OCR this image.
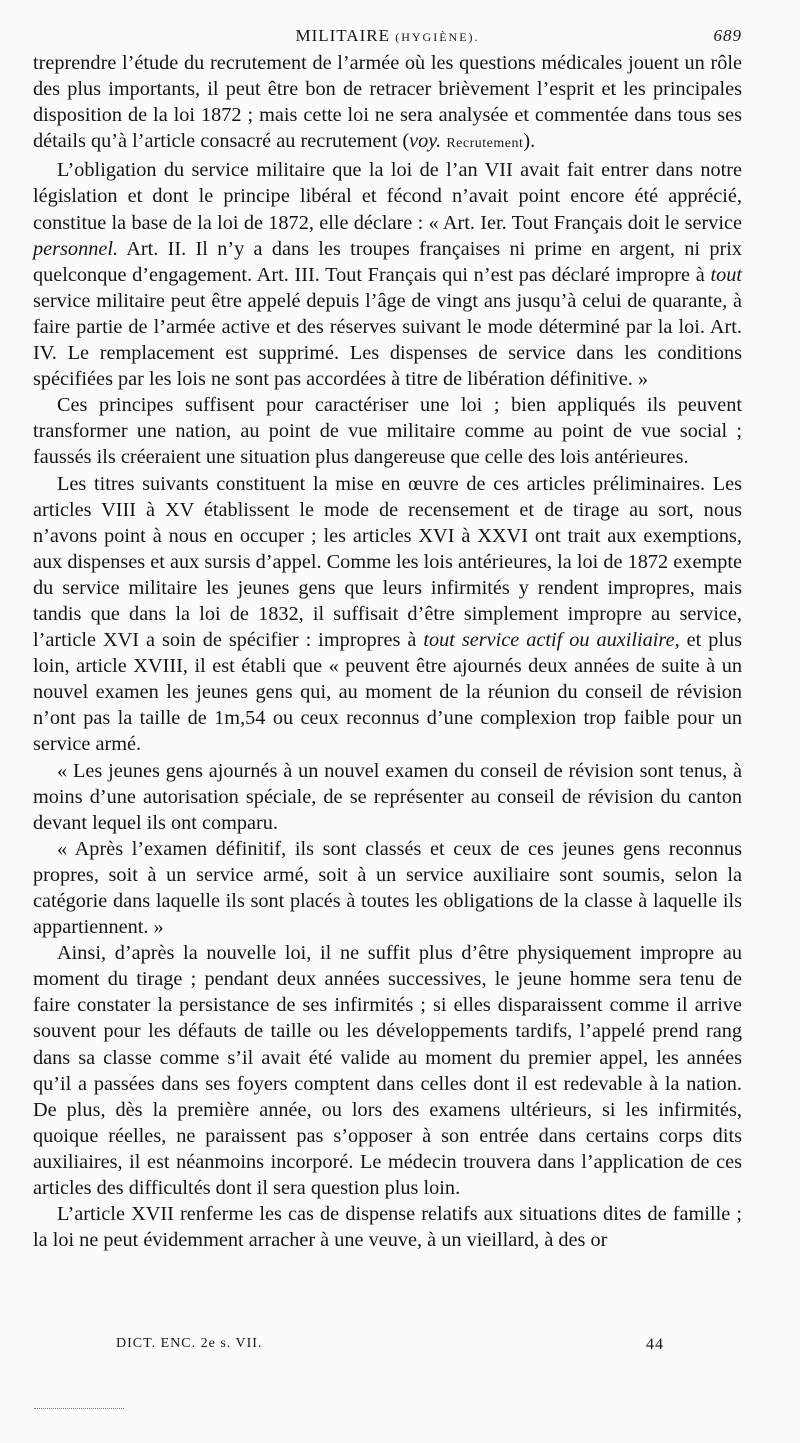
MILITAIRE (HYGIÈNE).	689

treprendre l’étude du recrutement de l’armée où les questions médicales jouent un rôle des plus importants, il peut être bon de retracer brièvement l’esprit et les principales disposition de la loi 1872 ; mais cette loi ne sera analysée et commentée dans tous ses détails qu’à l’article consacré au recrutement (voy. Recrutement).

L’obligation du service militaire que la loi de l’an VII avait fait entrer dans notre législation et dont le principe libéral et fécond n’avait point encore été apprécié, constitue la base de la loi de 1872, elle déclare : « Art. Ier. Tout Français doit le service personnel. Art. II. Il n’y a dans les troupes françaises ni prime en argent, ni prix quelconque d’engagement. Art. III. Tout Français qui n’est pas déclaré impropre à tout service militaire peut être appelé depuis l’âge de vingt ans jusqu’à celui de quarante, à faire partie de l’armée active et des réserves suivant le mode déterminé par la loi. Art. IV. Le remplacement est supprimé. Les dispenses de service dans les conditions spécifiées par les lois ne sont pas accordées à titre de libération définitive. »

Ces principes suffisent pour caractériser une loi ; bien appliqués ils peuvent transformer une nation, au point de vue militaire comme au point de vue social ; faussés ils créeraient une situation plus dangereuse que celle des lois antérieures.

Les titres suivants constituent la mise en œuvre de ces articles préliminaires. Les articles VIII à XV établissent le mode de recensement et de tirage au sort, nous n’avons point à nous en occuper ; les articles XVI à XXVI ont trait aux exemptions, aux dispenses et aux sursis d’appel. Comme les lois antérieures, la loi de 1872 exempte du service militaire les jeunes gens que leurs infirmités y rendent impropres, mais tandis que dans la loi de 1832, il suffisait d’être simplement impropre au service, l’article XVI a soin de spécifier : impropres à tout service actif ou auxiliaire, et plus loin, article XVIII, il est établi que « peuvent être ajournés deux années de suite à un nouvel examen les jeunes gens qui, au moment de la réunion du conseil de révision n’ont pas la taille de 1m,54 ou ceux reconnus d’une complexion trop faible pour un service armé.

« Les jeunes gens ajournés à un nouvel examen du conseil de révision sont tenus, à moins d’une autorisation spéciale, de se représenter au conseil de révision du canton devant lequel ils ont comparu.

« Après l’examen définitif, ils sont classés et ceux de ces jeunes gens reconnus propres, soit à un service armé, soit à un service auxiliaire sont soumis, selon la catégorie dans laquelle ils sont placés à toutes les obligations de la classe à laquelle ils appartiennent. »

Ainsi, d’après la nouvelle loi, il ne suffit plus d’être physiquement impropre au moment du tirage ; pendant deux années successives, le jeune homme sera tenu de faire constater la persistance de ses infirmités ; si elles disparaissent comme il arrive souvent pour les défauts de taille ou les développements tardifs, l’appelé prend rang dans sa classe comme s’il avait été valide au moment du premier appel, les années qu’il a passées dans ses foyers comptent dans celles dont il est redevable à la nation. De plus, dès la première année, ou lors des examens ultérieurs, si les infirmités, quoique réelles, ne paraissent pas s’opposer à son entrée dans certains corps dits auxiliaires, il est néanmoins incorporé. Le médecin trouvera dans l’application de ces articles des difficultés dont il sera question plus loin.

L’article XVII renferme les cas de dispense relatifs aux situations dites de famille ; la loi ne peut évidemment arracher à une veuve, à un vieillard, à des or

DICT. ENC. 2e s. VII.	44
